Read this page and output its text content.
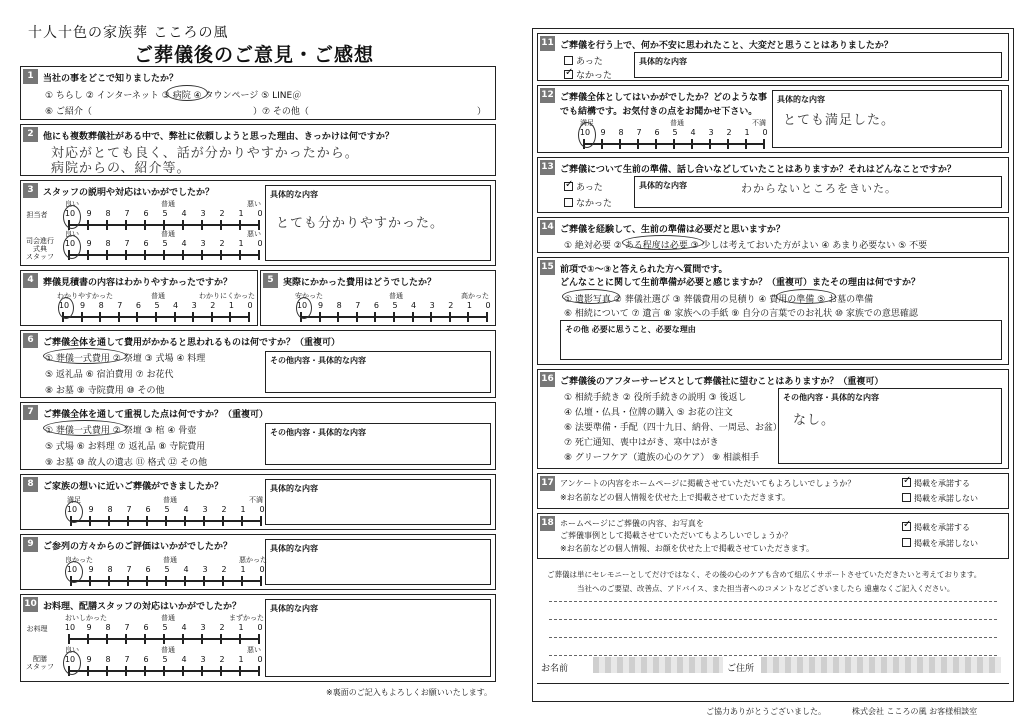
十人十色の家族葬 こころの風
ご葬儀後のご意見・ご感想
1	当社の事をどこで知りましたか？
① ちらし ② インターネット ③ 病院 ④ タウンページ ⑤ LINE＠
⑥ ご紹介（	）⑦ その他（	）
2	他にも複数葬儀社がある中で、弊社に依頼しようと思った理由、きっかけは何ですか？
対応がとても良く、話が分かりやすかったから。
病院からの、紹介等。
3	スタッフの説明や対応はいかがでしたか？
担当者
良い	普通	悪い
10	9	8	7	6	5	4	3	2	1	0
司会進行
式典
スタッフ
良い	普通	悪い
10	9	8	7	6	5	4	3	2	1	0
具体的な内容
とても分かりやすかった。
4	葬儀見積書の内容はわかりやすかったですか？
わかりやすかった	普通	わかりにくかった
10	9	8	7	6	5	4	3	2	1	0
5	実際にかかった費用はどうでしたか？
安かった	普通	高かった
10	9	8	7	6	5	4	3	2	1	0
6	ご葬儀全体を通して費用がかかると思われるものは何ですか？（重複可）
① 葬儀一式費用 ② 祭壇 ③ 式場 ④ 料理
⑤ 返礼品 ⑥ 宿泊費用 ⑦ お花代
⑧ お墓 ⑨ 寺院費用 ⑩ その他
その他内容・具体的な内容
7	ご葬儀全体を通して重視した点は何ですか？（重複可）
① 葬儀一式費用 ② 祭壇 ③ 棺 ④ 骨壺
⑤ 式場 ⑥ お料理 ⑦ 返礼品 ⑧ 寺院費用
⑨ お墓 ⑩ 故人の遺志 ⑪ 格式 ⑫ その他
その他内容・具体的な内容
8	ご家族の想いに近いご葬儀ができましたか？
満足	普通	不満
10	9	8	7	6	5	4	3	2	1	0
具体的な内容
9	ご参列の方々からのご評価はいかがでしたか？
良かった	普通	悪かった
10	9	8	7	6	5	4	3	2	1	0
具体的な内容
10 お料理、配膳スタッフの対応はいかがでしたか？
お料理
おいしかった	普通	まずかった
10	9	8	7	6	5	4	3	2	1	0
配膳
スタッフ
良い	普通	悪い
10	9	8	7	6	5	4	3	2	1	0
具体的な内容
※裏面のご記入もよろしくお願いいたします。
11 ご葬儀を行う上で、何か不安に思われたこと、大変だと思うことはありましたか？
あった
✓なかった
具体的な内容
12 ご葬儀全体としてはいかがでしたか？どのような事
でも結構です。お気付きの点をお聞かせ下さい。
満足	普通	不満
10	9	8	7	6	5	4	3	2	1	0
具体的な内容
とても満足した。
13 ご葬儀について生前の準備、話し合いなどしていたことはありますか？それはどんなことですか？
✓あった
なかった
具体的な内容	わからないところをきいた。
14 ご葬儀を経験して、生前の準備は必要だと思いますか？
① 絶対必要 ② ある程度は必要 ③ 少しは考えておいた方がよい ④ あまり必要ない ⑤ 不要
15 前項で①～③と答えられた方へ質問です。
どんなことに関して生前準備が必要と感じますか？（重複可）またその理由は何ですか？
① 遺影写真 ② 葬儀社選び ③ 葬儀費用の見積り ④ 費用の準備 ⑤ お墓の準備
⑥ 相続について ⑦ 遺言 ⑧ 家族への手紙 ⑨ 自分の言葉でのお礼状 ⑩ 家族での意思確認
その他 必要に思うこと、必要な理由
16 ご葬儀後のアフターサービスとして葬儀社に望むことはありますか？（重複可）
① 相続手続き ② 役所手続きの説明 ③ 後返し
④ 仏壇・仏具・位牌の購入 ⑤ お花の注文
⑥ 法要準備・手配（四十九日、納骨、一周忌、お盆）
⑦ 死亡通知、喪中はがき、寒中はがき
⑧ グリーフケア（遺族の心のケア） ⑨ 相談相手
その他内容・具体的な内容
なし。
17 アンケートの内容をホームページに掲載させていただいてもよろしいでしょうか？
※お名前などの個人情報を伏せた上で掲載させていただきます。
✓掲載を承諾する
掲載を承諾しない
18 ホームページにご葬儀の内容、お写真を
ご葬儀事例として掲載させていただいてもよろしいでしょうか？
※お名前などの個人情報、お顔を伏せた上で掲載させていただきます。
✓掲載を承諾する
掲載を承諾しない
ご葬儀は単にセレモニーとしてだけではなく、その後の心のケアも含めて組広くサポートさせていただきたいと考えております。
当社へのご要望、改善点、アドバイス、また担当者へのコメントなどございましたら 遠慮なくご記入ください。
お名前	ご住所
ご協力ありがとうございました。	株式会社 こころの風 お客様相談室
